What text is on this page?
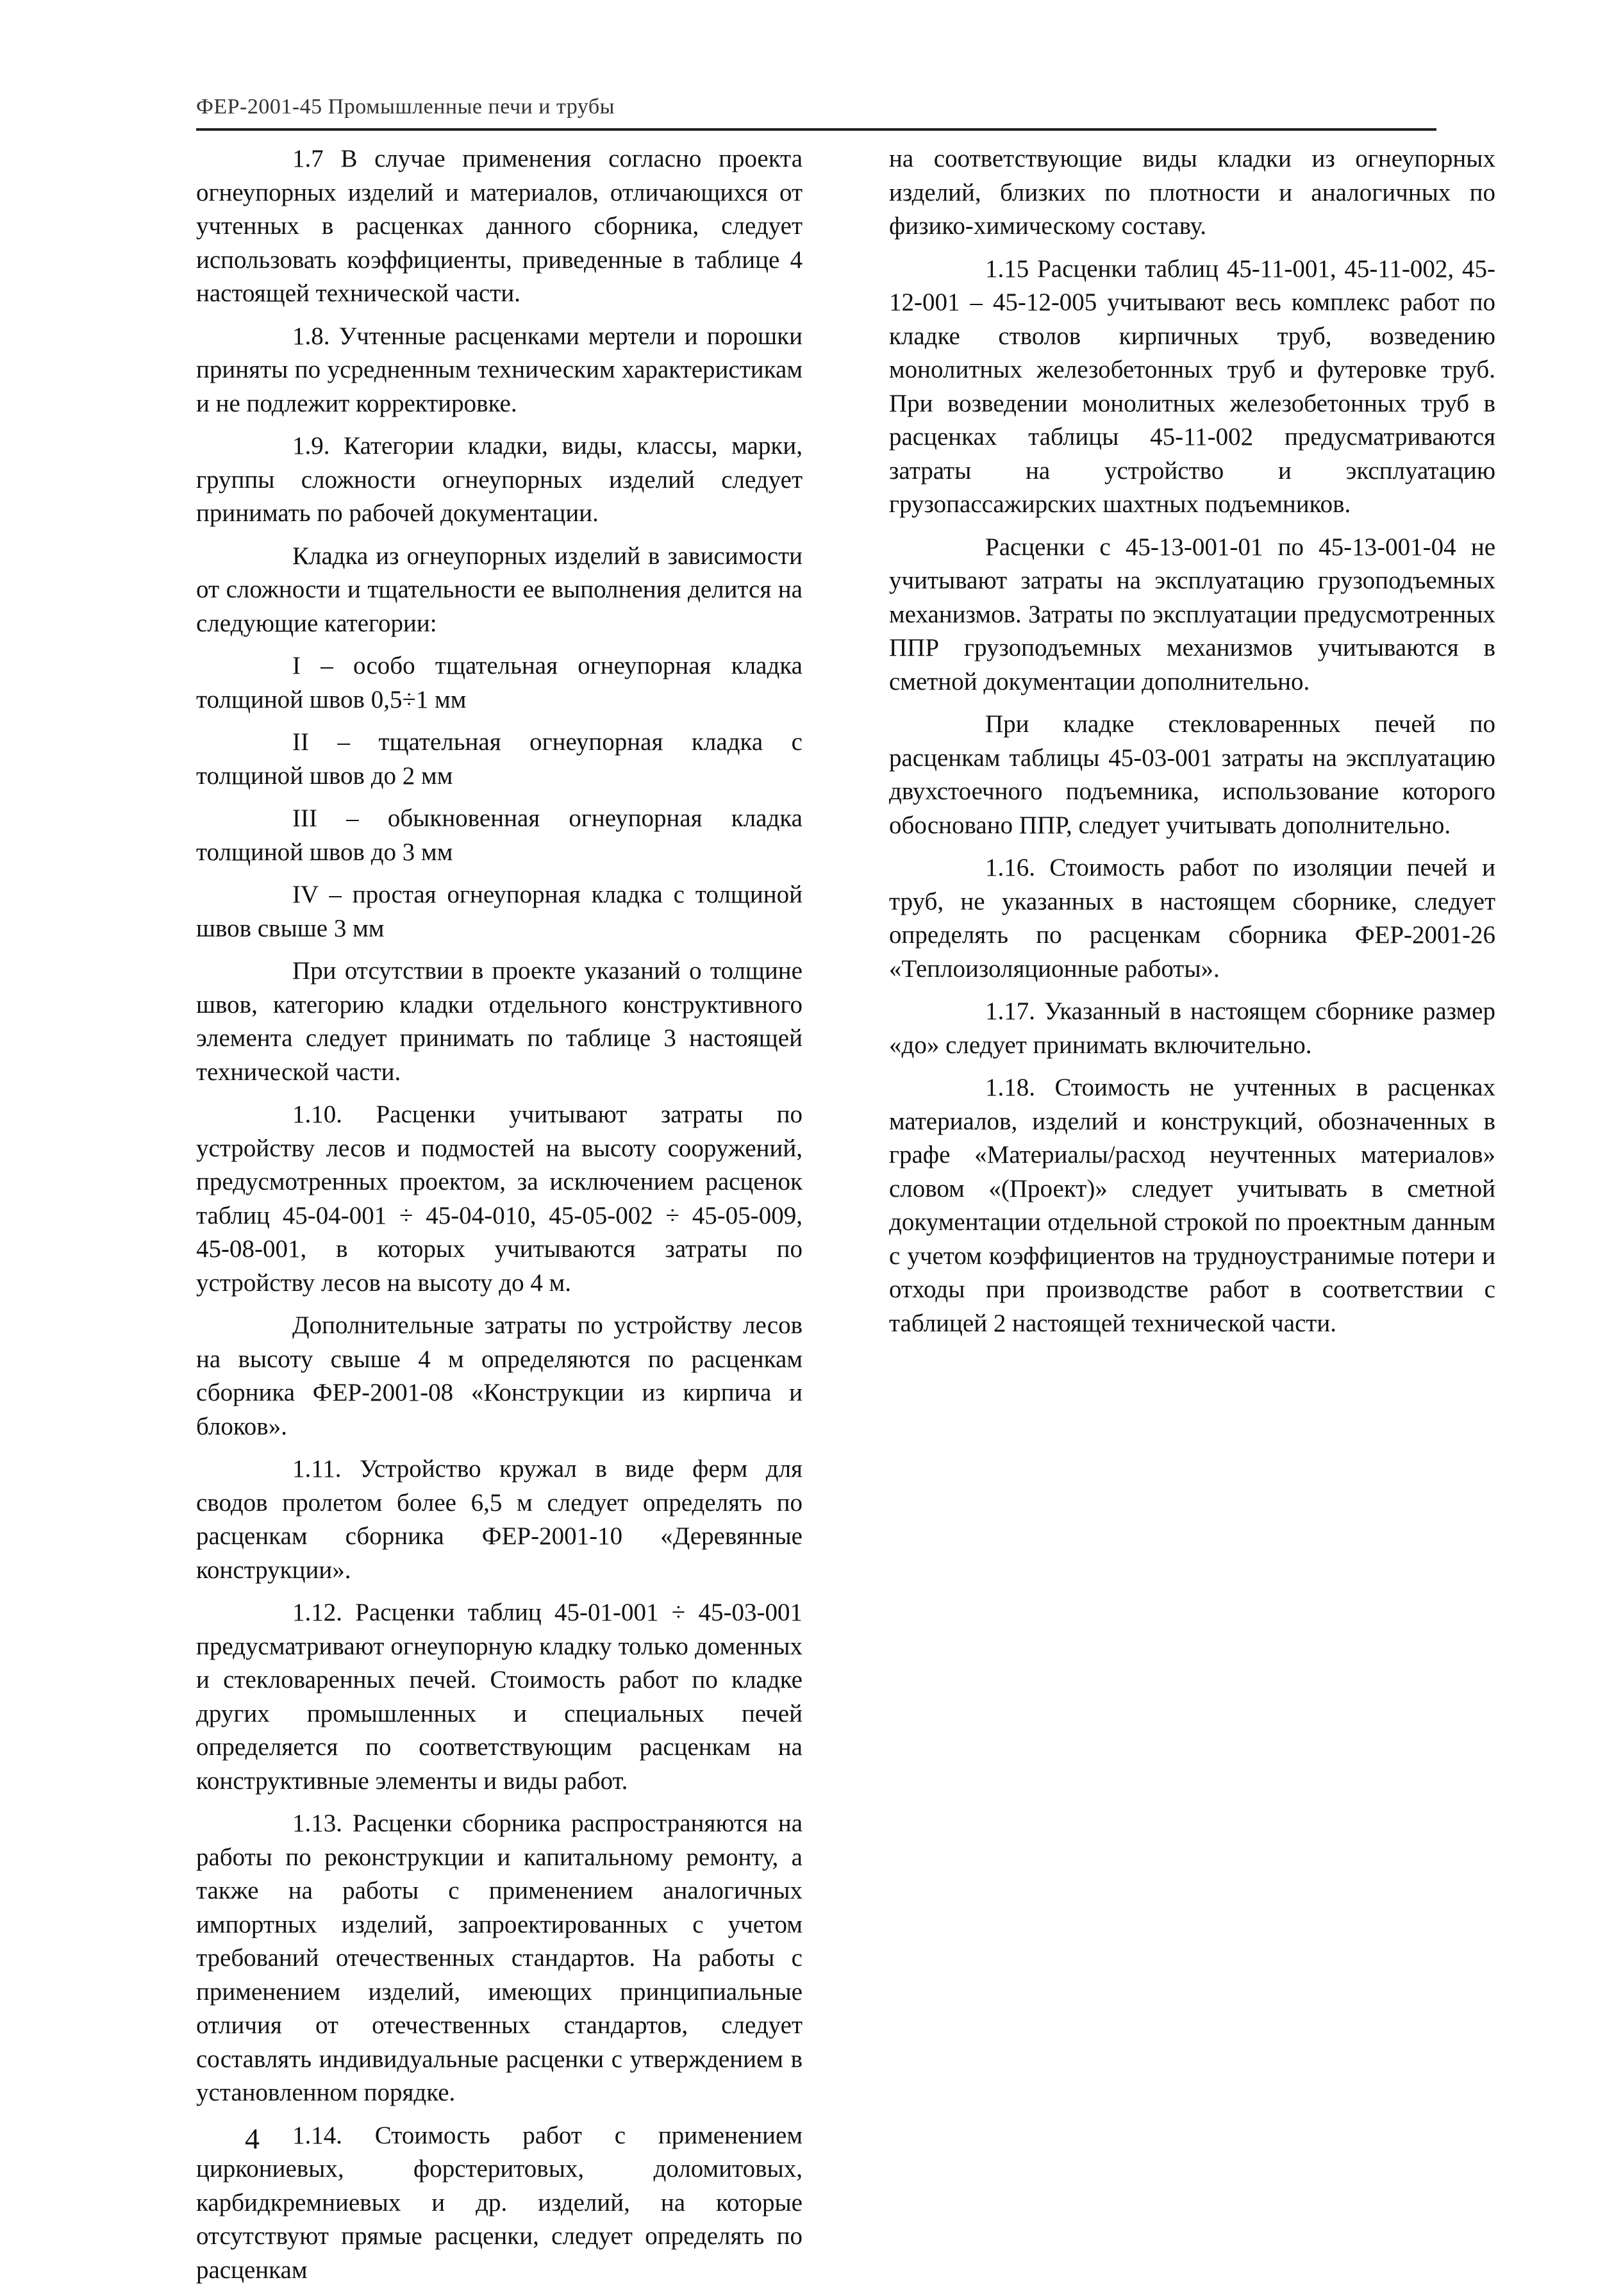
ФЕР-2001-45 Промышленные печи и трубы

1.7 В случае применения согласно проекта огнеупорных изделий и материалов, отличающихся от учтенных в расценках данного сборника, следует использовать коэффициенты, приведенные в таблице 4 настоящей технической части.

1.8. Учтенные расценками мертели и порошки приняты по усредненным техническим характеристикам и не подлежит корректировке.

1.9. Категории кладки, виды, классы, марки, группы сложности огнеупорных изделий следует принимать по рабочей документации.

Кладка из огнеупорных изделий в зависимости от сложности и тщательности ее выполнения делится на следующие категории:

I – особо тщательная огнеупорная кладка толщиной швов 0,5÷1 мм

II – тщательная огнеупорная кладка с толщиной швов до 2 мм

III – обыкновенная огнеупорная кладка толщиной швов до 3 мм

IV – простая огнеупорная кладка с толщиной швов свыше 3 мм

При отсутствии в проекте указаний о толщине швов, категорию кладки отдельного конструктивного элемента следует принимать по таблице 3 настоящей технической части.

1.10. Расценки учитывают затраты по устройству лесов и подмостей на высоту сооружений, предусмотренных проектом, за исключением расценок таблиц 45-04-001 ÷ 45-04-010, 45-05-002 ÷ 45-05-009, 45-08-001, в которых учитываются затраты по устройству лесов на высоту до 4 м.

Дополнительные затраты по устройству лесов на высоту свыше 4 м определяются по расценкам сборника ФЕР-2001-08 «Конструкции из кирпича и блоков».

1.11. Устройство кружал в виде ферм для сводов пролетом более 6,5 м следует определять по расценкам сборника ФЕР-2001-10 «Деревянные конструкции».

1.12. Расценки таблиц 45-01-001 ÷ 45-03-001 предусматривают огнеупорную кладку только доменных и стекловаренных печей. Стоимость работ по кладке других промышленных и специальных печей определяется по соответствующим расценкам на конструктивные элементы и виды работ.

1.13. Расценки сборника распространяются на работы по реконструкции и капитальному ремонту, а также на работы с применением аналогичных импортных изделий, запроектированных с учетом требований отечественных стандартов. На работы с применением изделий, имеющих принципиальные отличия от отечественных стандартов, следует составлять индивидуальные расценки с утверждением в установленном порядке.

1.14. Стоимость работ с применением циркониевых, форстеритовых, доломитовых, карбидкремниевых и др. изделий, на которые отсутствуют прямые расценки, следует определять по расценкам

на соответствующие виды кладки из огнеупорных изделий, близких по плотности и аналогичных по физико-химическому составу.

1.15 Расценки таблиц 45-11-001, 45-11-002, 45-12-001 – 45-12-005 учитывают весь комплекс работ по кладке стволов кирпичных труб, возведению монолитных железобетонных труб и футеровке труб. При возведении монолитных железобетонных труб в расценках таблицы 45-11-002 предусматриваются затраты на устройство и эксплуатацию грузопассажирских шахтных подъемников.

Расценки с 45-13-001-01 по 45-13-001-04 не учитывают затраты на эксплуатацию грузоподъемных механизмов. Затраты по эксплуатации предусмотренных ППР грузоподъемных механизмов учитываются в сметной документации дополнительно.

При кладке стекловаренных печей по расценкам таблицы 45-03-001 затраты на эксплуатацию двухстоечного подъемника, использование которого обосновано ППР, следует учитывать дополнительно.

1.16. Стоимость работ по изоляции печей и труб, не указанных в настоящем сборнике, следует определять по расценкам сборника ФЕР-2001-26 «Теплоизоляционные работы».

1.17. Указанный в настоящем сборнике размер «до» следует принимать включительно.

1.18. Стоимость не учтенных в расценках материалов, изделий и конструкций, обозначенных в графе «Материалы/расход неучтенных материалов» словом «(Проект)» следует учитывать в сметной документации отдельной строкой по проектным данным с учетом коэффициентов на трудноустранимые потери и отходы при производстве работ в соответствии с таблицей 2 настоящей технической части.

4
